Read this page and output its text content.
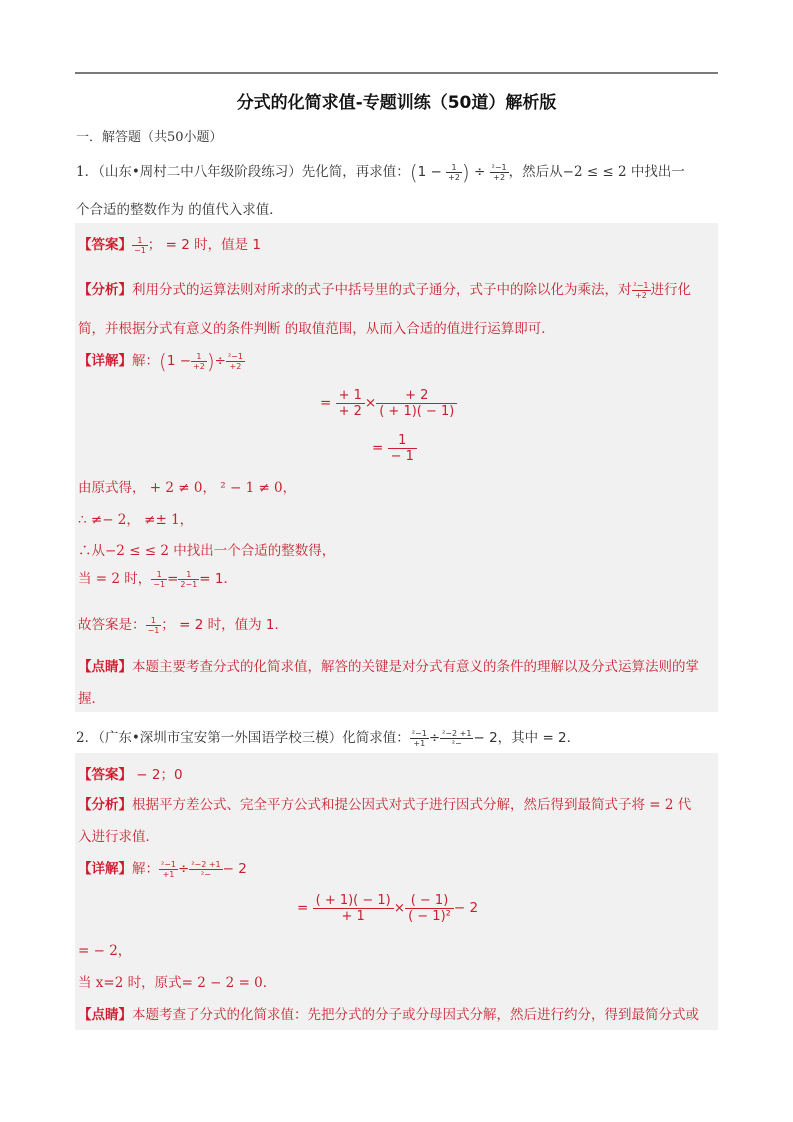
分式的化简求值-专题训练（50道）解析版
一．解答题（共50小题）
1．（山东•周村二中八年级阶段练习）先化简，再求值：($1 - \frac{1}{+2}$ ) ÷ $\frac{\text{²−1}}{+2}$ ，然后从−2 ≤ ≤ 2 中找出一
个合适的整数作为 的值代入求值．
【答案】 $\frac{1}{-1}$ ； = 2 时，值是 1
【分析】利用分式的运算法则对所求的式子中括号里的式子通分，式子中的除以化为乘法，对 $\frac{\text{²−1}}{+2}$ 进行化
简，并根据分式有意义的条件判断 的取值范围，从而入合适的值进行运算即可．
【详解】解：($1 - \frac{1}{+2}$ )÷ $\frac{\text{²−1}}{+2}$
= $\frac{+ 1}{+ 2} \times \frac{+ 2}{( + 1)( - 1)}$
= $\frac{1}{- 1}$
由原式得， + 2 ≠ 0， ² − 1 ≠ 0，
∴ ≠− 2， ≠± 1，
∴从−2 ≤ ≤ 2 中找出一个合适的整数得，
当 = 2 时， $\frac{1}{-1} = \frac{1}{2-1} = 1$．
故答案是： $\frac{1}{-1}$ ； = 2 时，值为 1．
【点睛】本题主要考查分式的化简求值，解答的关键是对分式有意义的条件的理解以及分式运算法则的掌
握．
2．（广东•深圳市宝安第一外国语学校三模）化简求值： $\frac{\text{²−1}}{+1} \div \frac{\text{²−2 +1}}{\text{²−}} - 2$，其中 = 2．
【答案】 − 2；0
【分析】根据平方差公式、完全平方公式和提公因式对式子进行因式分解，然后得到最简式子将 = 2 代
入进行求值．
【详解】解： $\frac{\text{²−1}}{+1} \div \frac{\text{²−2 +1}}{\text{²−}} - 2$
= $\frac{( + 1)( - 1)}{+ 1} \times \frac{( - 1)}{\text{( − 1)²}} - 2$
= − 2，
当 x=2 时，原式= 2 − 2 = 0．
【点睛】本题考查了分式的化简求值：先把分式的分子或分母因式分解，然后进行约分，得到最简分式或
